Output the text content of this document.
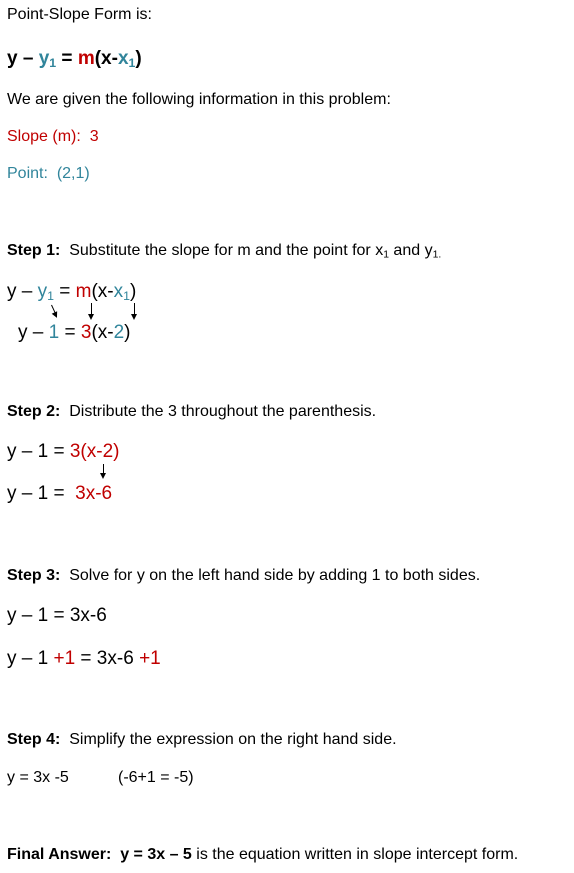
Point-Slope Form is:
$y - y_1 = m(x-x_1)$
We are given the following information in this problem:
Slope (m): 3
Point: (2,1)
Step 1: Substitute the slope for m and the point for $x_1$ and $y_{1.}$
$y - y_1 = m(x-x_1)$
y – 1 = 3(x-2)
Step 2: Distribute the 3 throughout the parenthesis.
y – 1 = 3(x-2)
y – 1 =  3x-6
Step 3: Solve for y on the left hand side by adding 1 to both sides.
y – 1 = 3x-6
y – 1 +1 = 3x-6 +1
Step 4: Simplify the expression on the right hand side.
y = 3x -5	(-6+1 = -5)
Final Answer: y = 3x – 5 is the equation written in slope intercept form.
